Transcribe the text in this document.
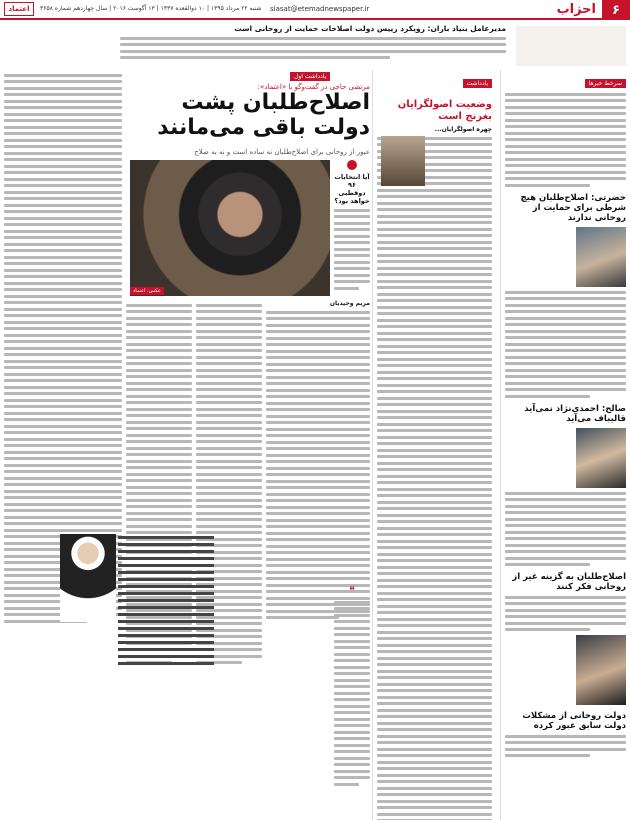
۶
احزاب
siasat@etemadnewspaper.ir
شنبه ۲۲ مرداد ۱۳۹۵ | ۱۰ ذوالقعده ۱۴۳۷ | ۱۳ آگوست ۲۰۱۶ | سال چهاردهم شماره ۳۶۵۸
اعتماد
مدیرعامل بنیاد باران: رویکرد رییس دولت اصلاحات حمایت از روحانی است
سرخط خبرها
حضرتی: اصلاح‌طلبان هیچ شرطی برای حمایت از روحانی ندارند
صالح: احمدی‌نژاد نمی‌آید قالیباف می‌آید
اصلاح‌طلبان به گزینه غیر از روحانی فکر کنند
دولت روحانی از مشکلات دولت سابق عبور کرده
یادداشت
وضعیت اصولگرایان بغرنج است
چهره اصولگرایان...
یادداشت اول
مرتضی حاجی در گفت‌وگو با «اعتماد»:
اصلاح‌طلبان پشت دولت باقی می‌مانند
عبور از روحانی برای اصلاح‌طلبان نه ساده است و نه به صلاح
عکس: اعتماد
آیا انتخابات ۹۶ دوقطبی خواهد بود؟
مریم وحیدیان
❝
